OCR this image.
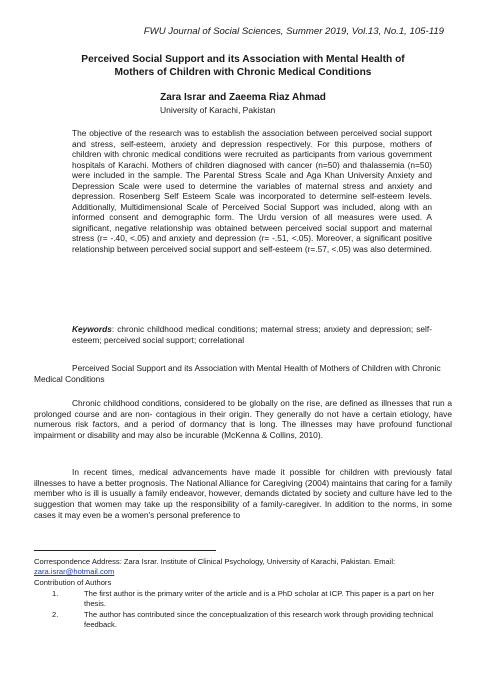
FWU Journal of Social Sciences, Summer 2019, Vol.13, No.1, 105-119
Perceived Social Support and its Association with Mental Health of
Mothers of Children with Chronic Medical Conditions
Zara Israr and Zaeema Riaz Ahmad
University of Karachi, Pakistan

The objective of the research was to establish the association between perceived social support and stress, self-esteem, anxiety and depression respectively. For this purpose, mothers of children with chronic medical conditions were recruited as participants from various government hospitals of Karachi. Mothers of children diagnosed with cancer (n=50) and thalassemia (n=50) were included in the sample. The Parental Stress Scale and Aga Khan University Anxiety and Depression Scale were used to determine the variables of maternal stress and anxiety and depression. Rosenberg Self Esteem Scale was incorporated to determine self-esteem levels. Additionally, Multidimensional Scale of Perceived Social Support was included, along with an informed consent and demographic form. The Urdu version of all measures were used. A significant, negative relationship was obtained between perceived social support and maternal stress (r= -.40, <.05) and anxiety and depression (r= -.51, <.05). Moreover, a significant positive relationship between perceived social support and self-esteem (r=.57, <.05) was also determined.

Keywords: chronic childhood medical conditions; maternal stress; anxiety and depression; self-esteem; perceived social support; correlational

Perceived Social Support and its Association with Mental Health of Mothers of Children with Chronic Medical Conditions

Chronic childhood conditions, considered to be globally on the rise, are defined as illnesses that run a prolonged course and are non- contagious in their origin. They generally do not have a certain etiology, have numerous risk factors, and a period of dormancy that is long. The illnesses may have profound functional impairment or disability and may also be incurable (McKenna & Collins, 2010).

In recent times, medical advancements have made it possible for children with previously fatal illnesses to have a better prognosis. The National Alliance for Caregiving (2004) maintains that caring for a family member who is ill is usually a family endeavor, however, demands dictated by society and culture have led to the suggestion that women may take up the responsibility of a family-caregiver. In addition to the norms, in some cases it may even be a women's personal preference to

Correspondence Address: Zara Israr. Institute of Clinical Psychology, University of Karachi, Pakistan. Email: zara.israr@hotmail.com

Contribution of Authors
1.	The first author is the primary writer of the article and is a PhD scholar at ICP. This paper is a part on her thesis.
2.	The author has contributed since the conceptualization of this research work through providing technical feedback.
